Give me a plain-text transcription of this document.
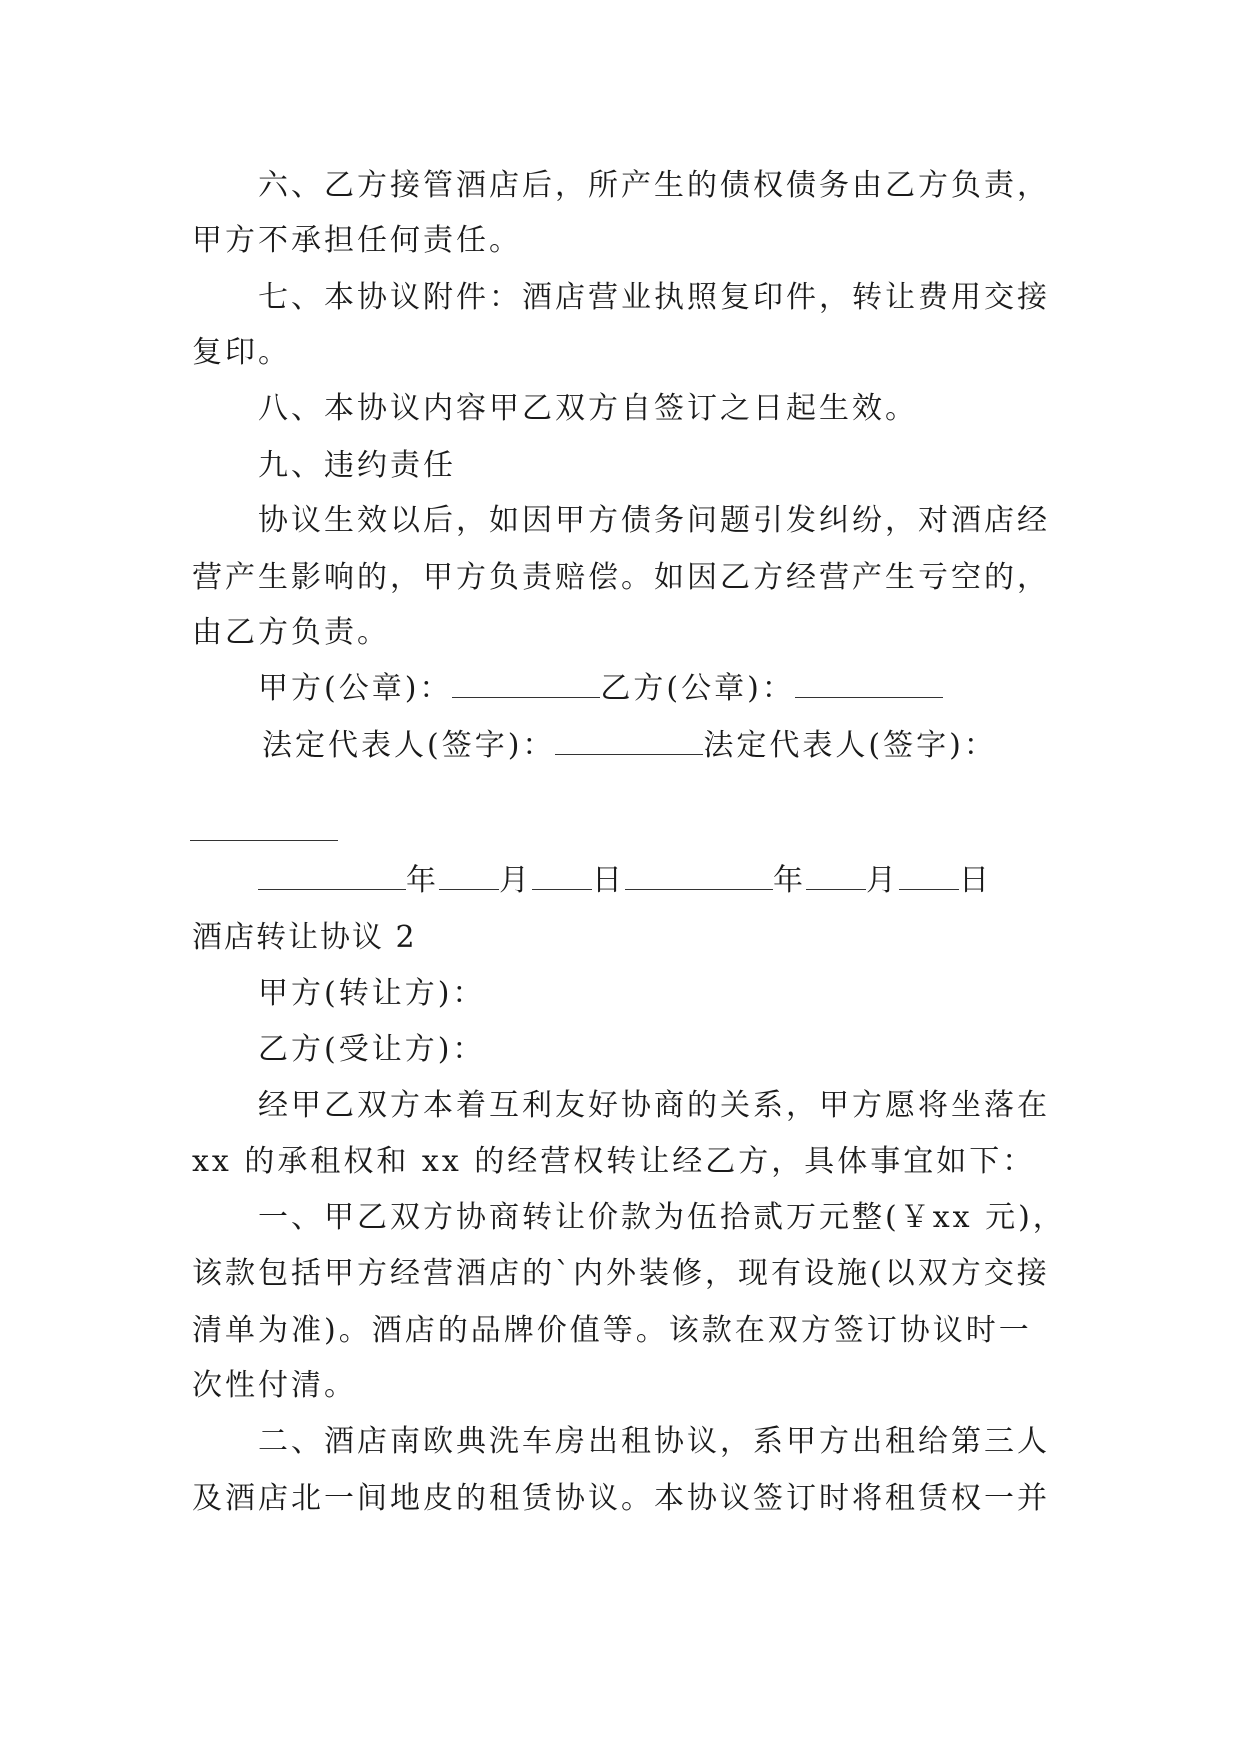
六、乙方接管酒店后，所产生的债权债务由乙方负责，

甲方不承担任何责任。

七、本协议附件：酒店营业执照复印件，转让费用交接

复印。

八、本协议内容甲乙双方自签订之日起生效。

九、违约责任

协议生效以后，如因甲方债务问题引发纠纷，对酒店经

营产生影响的，甲方负责赔偿。如因乙方经营产生亏空的，

由乙方负责。

甲方(公章)：	乙方(公章)：

法定代表人(签字)：	法定代表人(签字)：

年 月 日	年 月 日

酒店转让协议 2

甲方(转让方)：

乙方(受让方)：

经甲乙双方本着互利友好协商的关系，甲方愿将坐落在

xx 的承租权和 xx 的经营权转让经乙方，具体事宜如下：

一、甲乙双方协商转让价款为伍拾贰万元整(￥xx 元)，

该款包括甲方经营酒店的`内外装修，现有设施(以双方交接

清单为准)。酒店的品牌价值等。该款在双方签订协议时一

次性付清。

二、酒店南欧典洗车房出租协议，系甲方出租给第三人

及酒店北一间地皮的租赁协议。本协议签订时将租赁权一并
